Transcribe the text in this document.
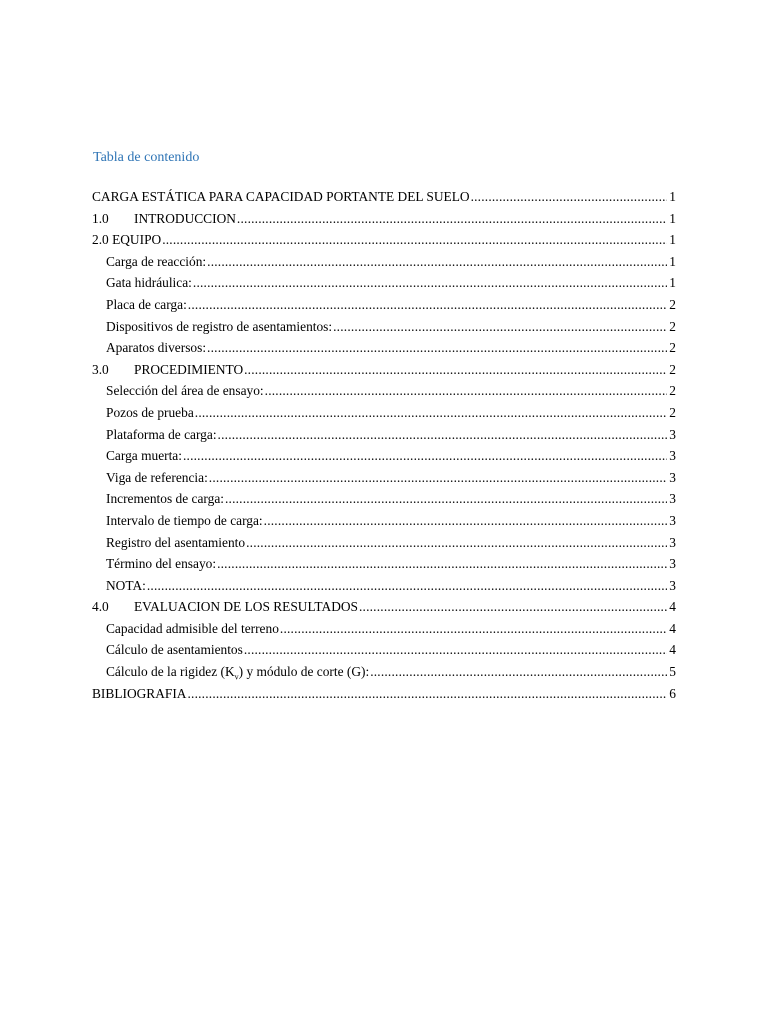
Tabla de contenido
CARGA ESTÁTICA PARA CAPACIDAD PORTANTE DEL SUELO .....	1
1.0	INTRODUCCION .....	1
2.0 EQUIPO .....	1
Carga de reacción: .....	1
Gata hidráulica: .....	1
Placa de carga: .....	2
Dispositivos de registro de asentamientos: .....	2
Aparatos diversos: .....	2
3.0	PROCEDIMIENTO .....	2
Selección del área de ensayo: .....	2
Pozos de prueba .....	2
Plataforma de carga: .....	3
Carga muerta: .....	3
Viga de referencia: .....	3
Incrementos de carga: .....	3
Intervalo de tiempo de carga: .....	3
Registro del asentamiento .....	3
Término del ensayo: .....	3
NOTA: .....	3
4.0	EVALUACION DE LOS RESULTADOS .....	4
Capacidad admisible del terreno .....	4
Cálculo de asentamientos .....	4
Cálculo de la rigidez $(K_v)$ y módulo de corte (G): .....	5
BIBLIOGRAFIA .....	6
